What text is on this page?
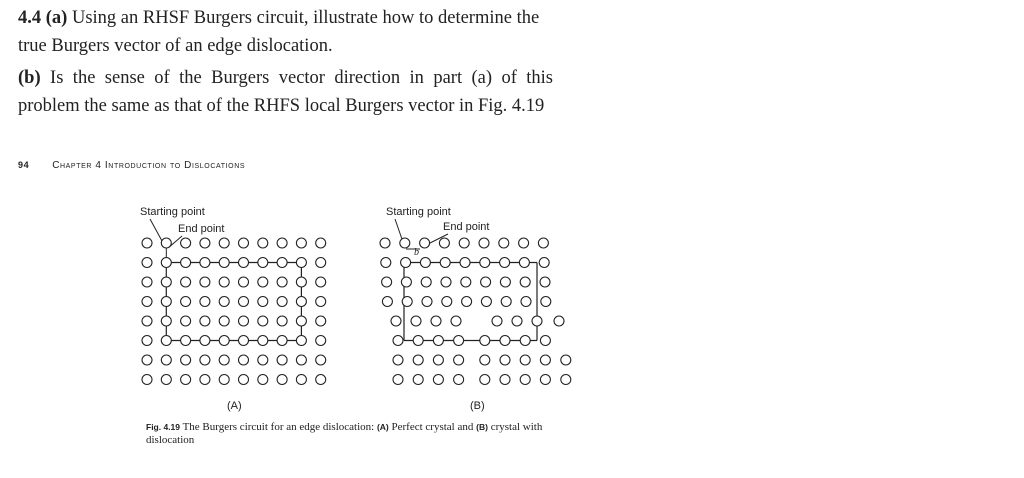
4.4 (a) Using an RHSF Burgers circuit, illustrate how to determine the true Burgers vector of an edge dislocation.
(b) Is the sense of the Burgers vector direction in part (a) of this problem the same as that of the RHFS local Burgers vector in Fig. 4.19
94 Chapter 4 Introduction to Dislocations
Starting point
End point
(A)
Starting point
End point
b
(B)
Fig. 4.19 The Burgers circuit for an edge dislocation: (A) Perfect crystal and (B) crystal with dislocation
